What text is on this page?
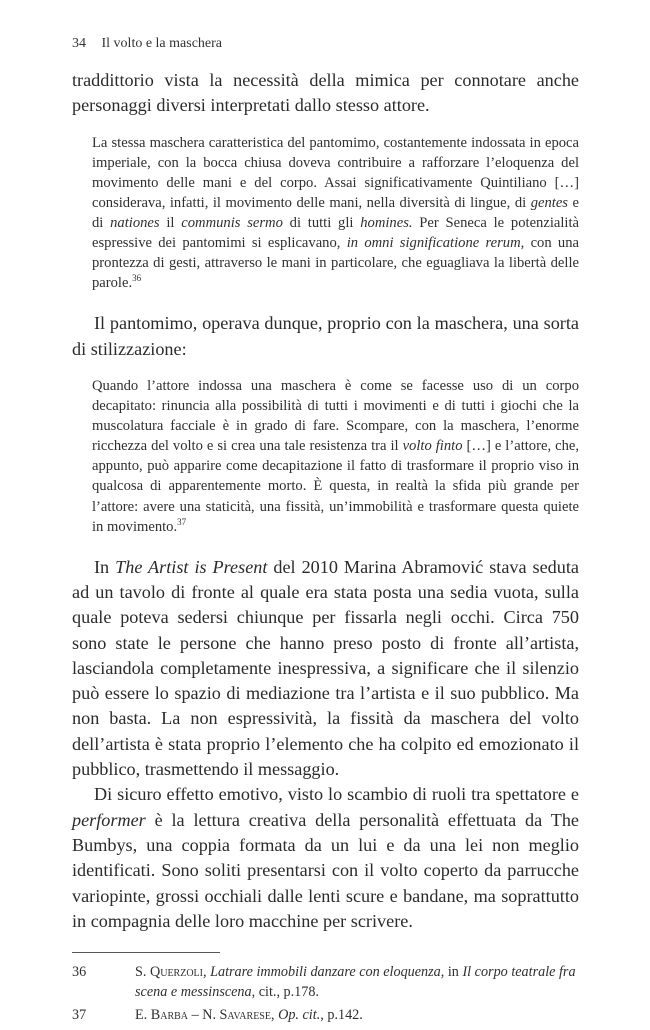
34 Il volto e la maschera

traddittorio vista la necessità della mimica per connotare anche personaggi diversi interpretati dallo stesso attore.

La stessa maschera caratteristica del pantomimo, costantemente indossata in epoca imperiale, con la bocca chiusa doveva contribuire a rafforzare l’eloquenza del movimento delle mani e del corpo. Assai significativamente Quintiliano […] considerava, infatti, il movimento delle mani, nella diversità di lingue, di gentes e di nationes il communis sermo di tutti gli homines. Per Seneca le potenzialità espressive dei pantomimi si esplicavano, in omni significatione rerum, con una prontezza di gesti, attraverso le mani in particolare, che eguagliava la libertà delle parole.$^{36}$

Il pantomimo, operava dunque, proprio con la maschera, una sorta di stilizzazione:

Quando l’attore indossa una maschera è come se facesse uso di un corpo decapitato: rinuncia alla possibilità di tutti i movimenti e di tutti i giochi che la muscolatura facciale è in grado di fare. Scompare, con la maschera, l’enorme ricchezza del volto e si crea una tale resistenza tra il volto finto […] e l’attore, che, appunto, può apparire come decapitazione il fatto di trasformare il proprio viso in qualcosa di apparentemente morto. È questa, in realtà la sfida più grande per l’attore: avere una staticità, una fissità, un’immobilità e trasformare questa quiete in movimento.$^{37}$

In The Artist is Present del 2010 Marina Abramović stava seduta ad un tavolo di fronte al quale era stata posta una sedia vuota, sulla quale poteva sedersi chiunque per fissarla negli occhi. Circa 750 sono state le persone che hanno preso posto di fronte all’artista, lasciandola completamente inespressiva, a significare che il silenzio può essere lo spazio di mediazione tra l’artista e il suo pubblico. Ma non basta. La non espressività, la fissità da maschera del volto dell’artista è stata proprio l’elemento che ha colpito ed emozionato il pubblico, trasmettendo il messaggio.

Di sicuro effetto emotivo, visto lo scambio di ruoli tra spettatore e performer è la lettura creativa della personalità effettuata da The Bumbys, una coppia formata da un lui e da una lei non meglio identificati. Sono soliti presentarsi con il volto coperto da parrucche variopinte, grossi occhiali dalle lenti scure e bandane, ma soprattutto in compagnia delle loro macchine per scrivere.

36	S. Querzoli, Latrare immobili danzare con eloquenza, in Il corpo teatrale fra scena e messinscena, cit., p.178.
37	E. Barba – N. Savarese, Op. cit., p.142.
